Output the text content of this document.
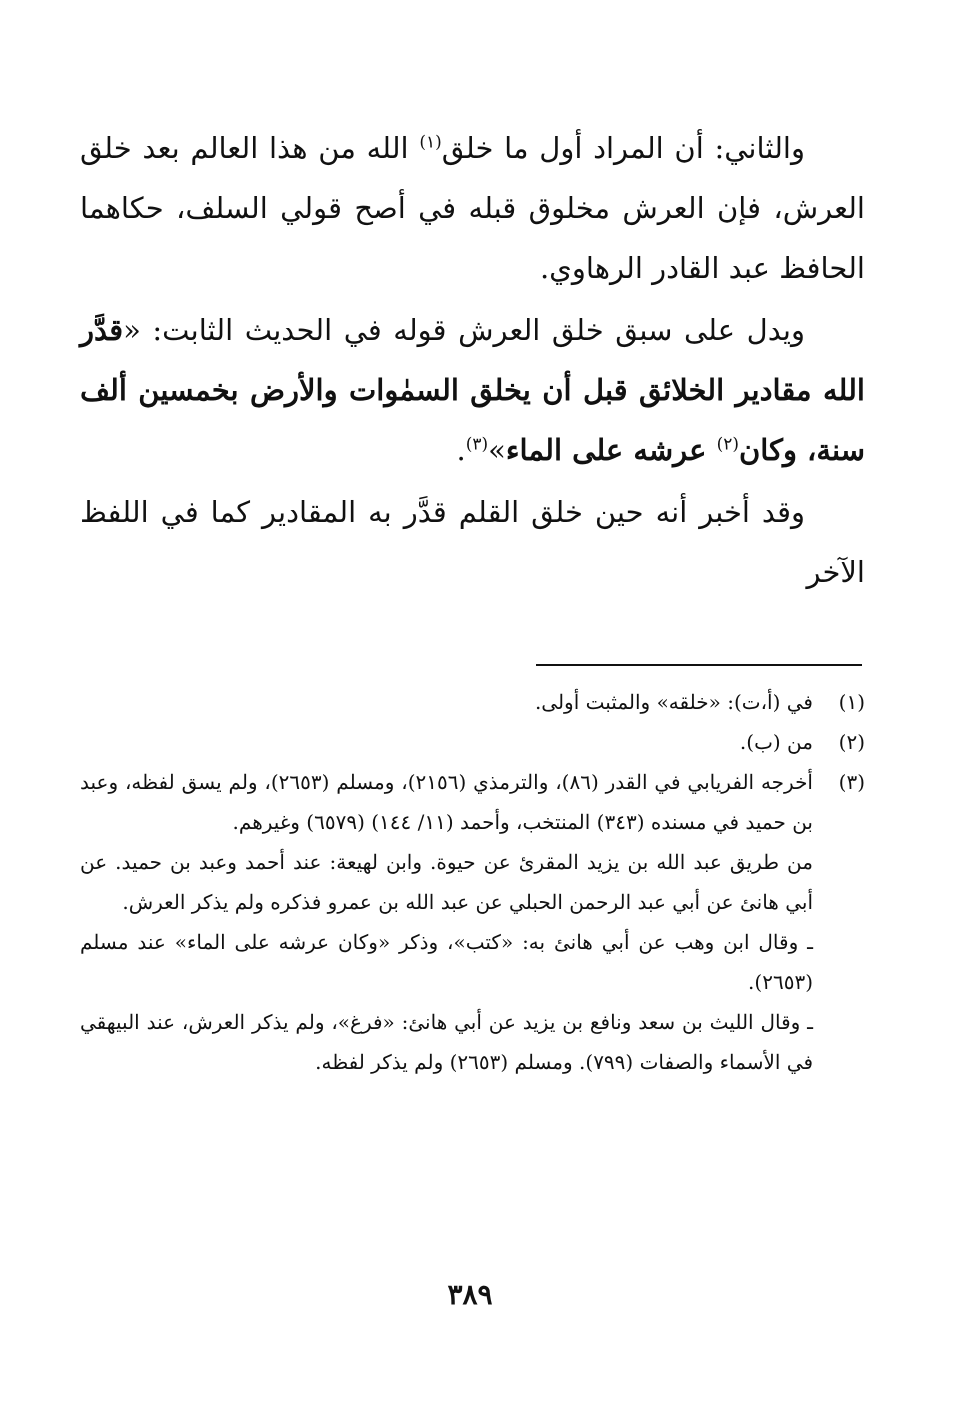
والثاني: أن المراد أول ما خلق$^{(١)}$ الله من هذا العالم بعد خلق العرش، فإن العرش مخلوق قبله في أصح قولي السلف، حكاهما الحافظ عبد القادر الرهاوي.

ويدل على سبق خلق العرش قوله في الحديث الثابت: «قدَّر الله مقادير الخلائق قبل أن يخلق السمٰوات والأرض بخمسين ألف سنة، وكان$^{(٢)}$ عرشه على الماء»$^{(٣)}$.

وقد أخبر أنه حين خلق القلم قدَّر به المقادير كما في اللفظ الآخر

(١)

في (أ،ت): «خلقه» والمثبت أولى.

(٢)

من (ب).

(٣)

أخرجه الفريابي في القدر (٨٦)، والترمذي (٢١٥٦)، ومسلم (٢٦٥٣)، ولم يسق لفظه، وعبد بن حميد في مسنده (٣٤٣) المنتخب، وأحمد (١١/ ١٤٤) (٦٥٧٩) وغيرهم.

من طريق عبد الله بن يزيد المقرئ عن حيوة. وابن لهيعة: عند أحمد وعبد بن حميد. عن أبي هانئ عن أبي عبد الرحمن الحبلي عن عبد الله بن عمرو فذكره ولم يذكر العرش.

ـ وقال ابن وهب عن أبي هانئ به: «كتب»، وذكر «وكان عرشه على الماء» عند مسلم (٢٦٥٣).

ـ وقال الليث بن سعد ونافع بن يزيد عن أبي هانئ: «فرغ»، ولم يذكر العرش، عند البيهقي في الأسماء والصفات (٧٩٩). ومسلم (٢٦٥٣) ولم يذكر لفظه.

٣٨٩
